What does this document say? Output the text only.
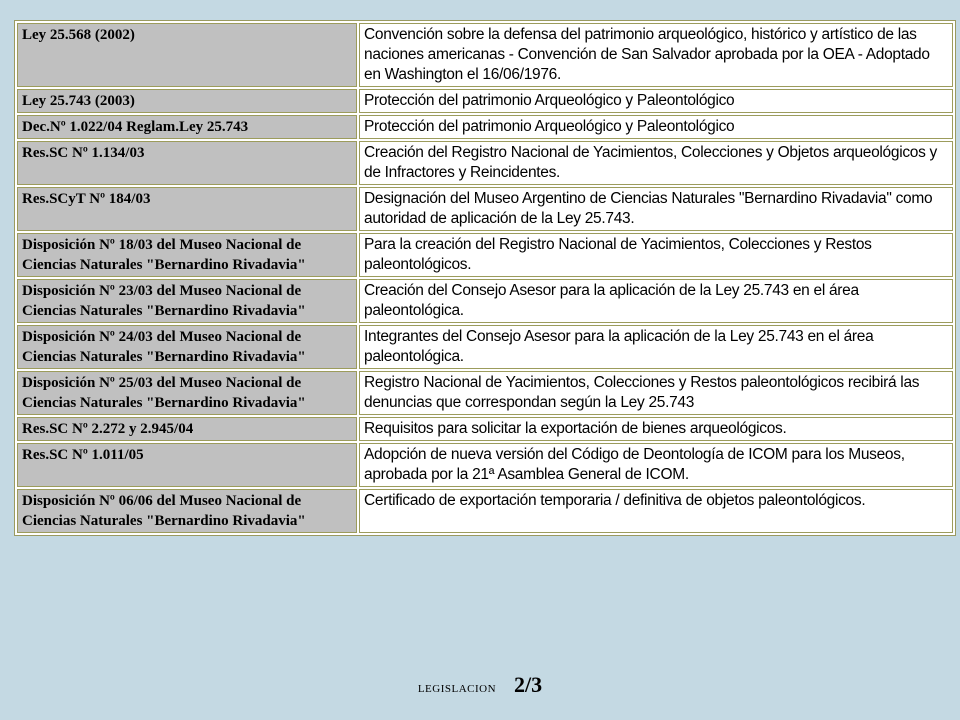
Ley 25.568 (2002)	Convención sobre la defensa del patrimonio arqueológico, histórico y artístico de las naciones americanas - Convención de San Salvador aprobada por la OEA - Adoptado en Washington el 16/06/1976.
Ley 25.743 (2003)	Protección del patrimonio Arqueológico y Paleontológico
Dec.Nº 1.022/04 Reglam.Ley 25.743	Protección del patrimonio Arqueológico y Paleontológico
Res.SC Nº 1.134/03	Creación del Registro Nacional de Yacimientos, Colecciones y Objetos arqueológicos y de Infractores y Reincidentes.
Res.SCyT Nº 184/03	Designación del Museo Argentino de Ciencias Naturales "Bernardino Rivadavia" como autoridad de aplicación de la Ley 25.743.
Disposición Nº 18/03 del Museo Nacional de Ciencias Naturales "Bernardino Rivadavia"	Para la creación del Registro Nacional de Yacimientos, Colecciones y Restos paleontológicos.
Disposición Nº 23/03 del Museo Nacional de Ciencias Naturales "Bernardino Rivadavia"	Creación del Consejo Asesor para la aplicación de la Ley 25.743 en el área paleontológica.
Disposición Nº 24/03 del Museo Nacional de Ciencias Naturales "Bernardino Rivadavia"	Integrantes del Consejo Asesor para la aplicación de la Ley 25.743 en el área paleontológica.
Disposición Nº 25/03 del Museo Nacional de Ciencias Naturales "Bernardino Rivadavia"	Registro Nacional de Yacimientos, Colecciones y Restos paleontológicos recibirá las denuncias que correspondan según la Ley 25.743
Res.SC Nº 2.272 y 2.945/04	Requisitos para solicitar la exportación de bienes arqueológicos.
Res.SC Nº 1.011/05	Adopción de nueva versión del Código de Deontología de ICOM para los Museos, aprobada por la 21ª Asamblea General de ICOM.
Disposición Nº 06/06 del Museo Nacional de Ciencias Naturales "Bernardino Rivadavia"	Certificado de exportación temporaria / definitiva de objetos paleontológicos.
LEGISLACION 2/3
